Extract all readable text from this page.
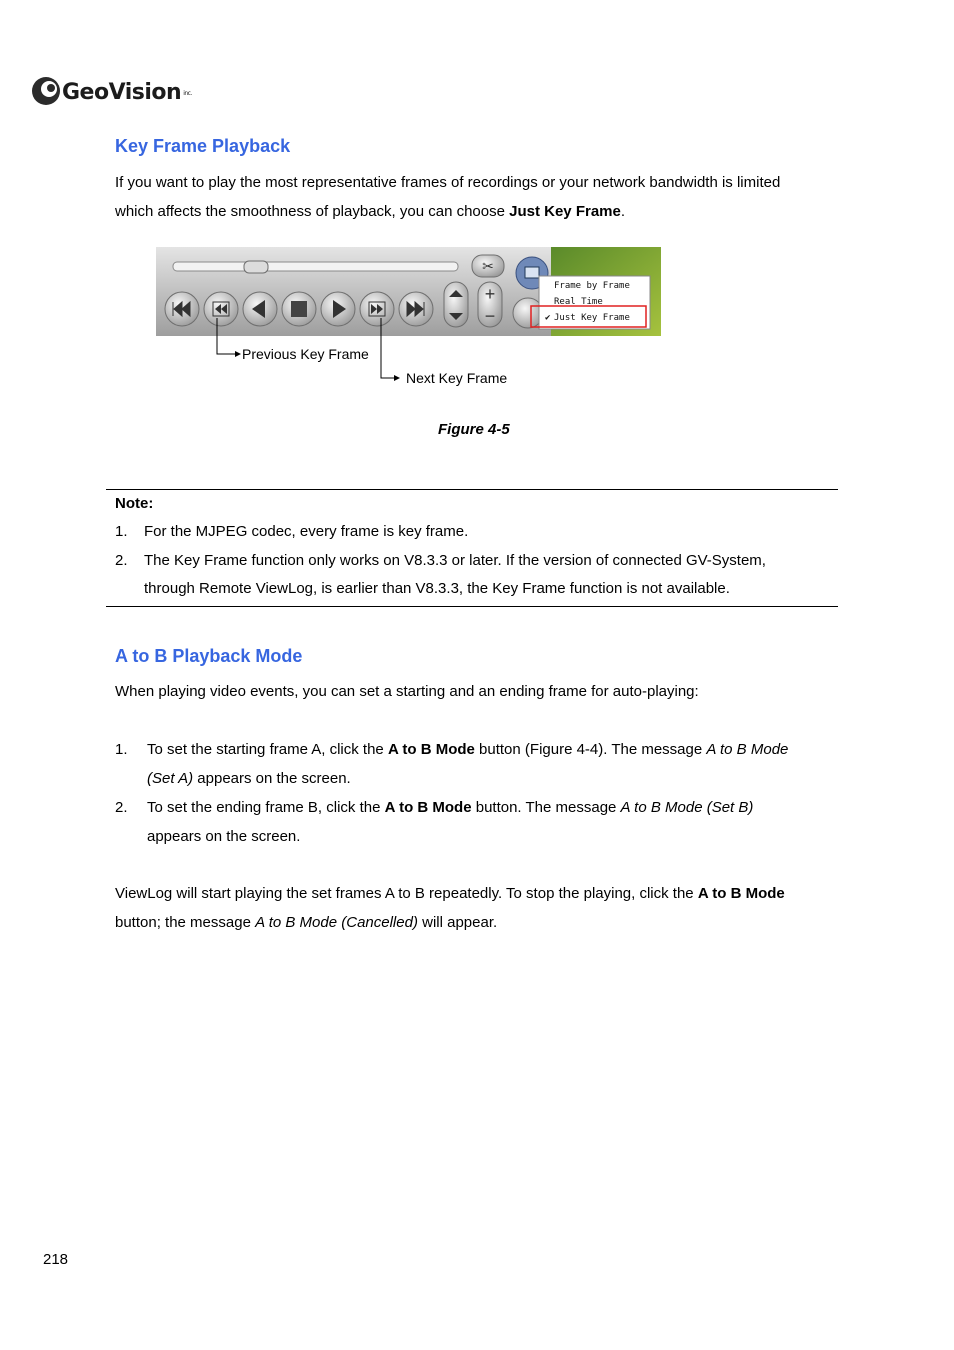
GeoVision inc.
Key Frame Playback
If you want to play the most representative frames of recordings or your network bandwidth is limited
which affects the smoothness of playback, you can choose Just Key Frame.
✂
+
−
Frame by Frame
Real Time
✔ Just Key Frame
Previous Key Frame
Next Key Frame
Figure 4-5
Note:
1. For the MJPEG codec, every frame is key frame.
2. The Key Frame function only works on V8.3.3 or later. If the version of connected GV-System,
through Remote ViewLog, is earlier than V8.3.3, the Key Frame function is not available.
A to B Playback Mode
When playing video events, you can set a starting and an ending frame for auto-playing:
1. To set the starting frame A, click the A to B Mode button (Figure 4-4). The message A to B Mode
(Set A) appears on the screen.
2. To set the ending frame B, click the A to B Mode button. The message A to B Mode (Set B)
appears on the screen.
ViewLog will start playing the set frames A to B repeatedly. To stop the playing, click the A to B Mode
button; the message A to B Mode (Cancelled) will appear.
218
